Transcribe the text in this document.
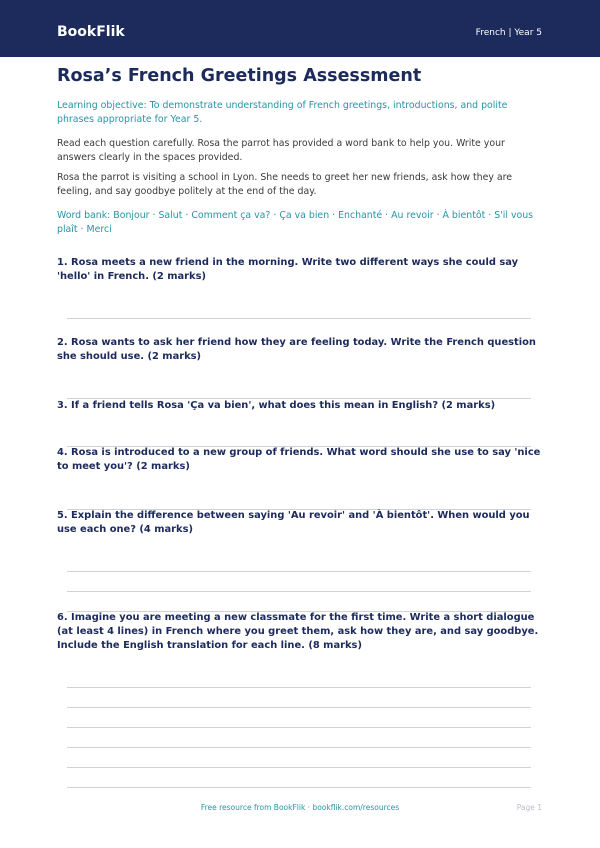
BookFlik	French | Year 5
Rosa’s French Greetings Assessment
Learning objective: To demonstrate understanding of French greetings, introductions, and polite phrases appropriate for Year 5.
Read each question carefully. Rosa the parrot has provided a word bank to help you. Write your answers clearly in the spaces provided.
Rosa the parrot is visiting a school in Lyon. She needs to greet her new friends, ask how they are feeling, and say goodbye politely at the end of the day.
Word bank: Bonjour · Salut · Comment ça va? · Ça va bien · Enchanté · Au revoir · À bientôt · S'il vous plaît · Merci
1. Rosa meets a new friend in the morning. Write two different ways she could say 'hello' in French. (2 marks)
2. Rosa wants to ask her friend how they are feeling today. Write the French question she should use. (2 marks)
3. If a friend tells Rosa 'Ça va bien', what does this mean in English? (2 marks)
4. Rosa is introduced to a new group of friends. What word should she use to say 'nice to meet you'? (2 marks)
5. Explain the difference between saying 'Au revoir' and 'À bientôt'. When would you use each one? (4 marks)
6. Imagine you are meeting a new classmate for the first time. Write a short dialogue (at least 4 lines) in French where you greet them, ask how they are, and say goodbye. Include the English translation for each line. (8 marks)
Free resource from BookFlik · bookflik.com/resources	Page 1
